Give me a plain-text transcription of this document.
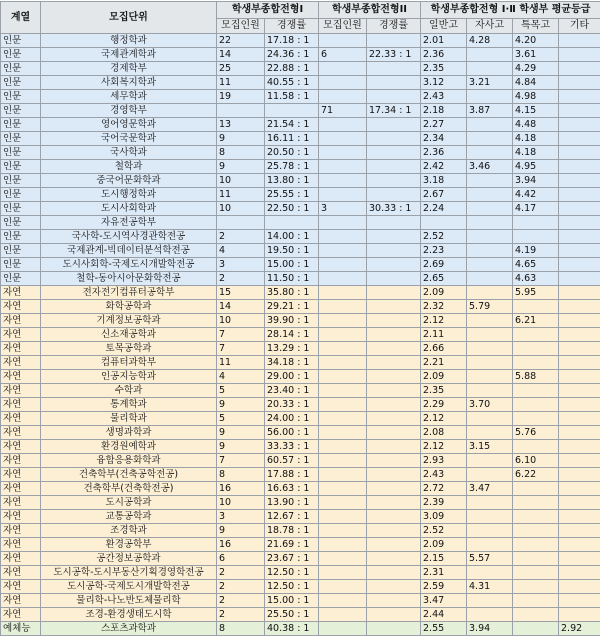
계열	모집단위	학생부종합전형Ⅰ		학생부종합전형II		학생부종합전형 Ⅰ·Ⅱ 학생부 평균등급			
		모집인원	경쟁률	모집인원	경쟁률	일반고	자사고	특목고	기타
인문	행정학과	22	17.18 : 1			2.01	4.28	4.20	
인문	국제관계학과	14	24.36 : 1	6	22.33 : 1	2.36		3.61	
인문	경제학부	25	22.88 : 1			2.35		4.29	
인문	사회복지학과	11	40.55 : 1			3.12	3.21	4.84	
인문	세무학과	19	11.58 : 1			2.43		4.98	
인문	경영학부			71	17.34 : 1	2.18	3.87	4.15	
인문	영어영문학과	13	21.54 : 1			2.27		4.48	
인문	국어국문학과	9	16.11 : 1			2.34		4.18	
인문	국사학과	8	20.50 : 1			2.36		4.18	
인문	철학과	9	25.78 : 1			2.42	3.46	4.95	
인문	중국어문화학과	10	13.80 : 1			3.18		3.94	
인문	도시행정학과	11	25.55 : 1			2.67		4.42	
인문	도시사회학과	10	22.50 : 1	3	30.33 : 1	2.24		4.17	
인문	자유전공학부								
인문	국사학-도시역사경관학전공	2	14.00 : 1			2.52			
인문	국제관계-빅데이터분석학전공	4	19.50 : 1			2.23		4.19	
인문	도시사회학-국제도시개발학전공	3	15.00 : 1			2.69		4.65	
인문	철학-동아시아문화학전공	2	11.50 : 1			2.65		4.63	
자연	전자전기컴퓨터공학부	15	35.80 : 1			2.09		5.95	
자연	화학공학과	14	29.21 : 1			2.32	5.79		
자연	기계정보공학과	10	39.90 : 1			2.12		6.21	
자연	신소재공학과	7	28.14 : 1			2.11			
자연	토목공학과	7	13.29 : 1			2.66			
자연	컴퓨터과학부	11	34.18 : 1			2.21			
자연	인공지능학과	4	29.00 : 1			2.09		5.88	
자연	수학과	5	23.40 : 1			2.35			
자연	통계학과	9	20.33 : 1			2.29	3.70		
자연	물리학과	5	24.00 : 1			2.12			
자연	생명과학과	9	56.00 : 1			2.08		5.76	
자연	환경원예학과	9	33.33 : 1			2.12	3.15		
자연	융합응용화학과	7	60.57 : 1			2.93		6.10	
자연	건축학부(건축공학전공)	8	17.88 : 1			2.43		6.22	
자연	건축학부(건축학전공)	16	16.63 : 1			2.72	3.47		
자연	도시공학과	10	13.90 : 1			2.39			
자연	교통공학과	3	12.67 : 1			3.09			
자연	조경학과	9	18.78 : 1			2.52			
자연	환경공학부	16	21.69 : 1			2.09			
자연	공간정보공학과	6	23.67 : 1			2.15	5.57		
자연	도시공학-도시부동산기획경영학전공	2	12.50 : 1			2.31			
자연	도시공학-국제도시개발학전공	2	12.50 : 1			2.59	4.31		
자연	물리학-나노반도체물리학	2	15.00 : 1			3.47			
자연	조경-환경생태도시학	2	25.50 : 1			2.44			
예체능	스포츠과학과	8	40.38 : 1			2.55	3.94		2.92
